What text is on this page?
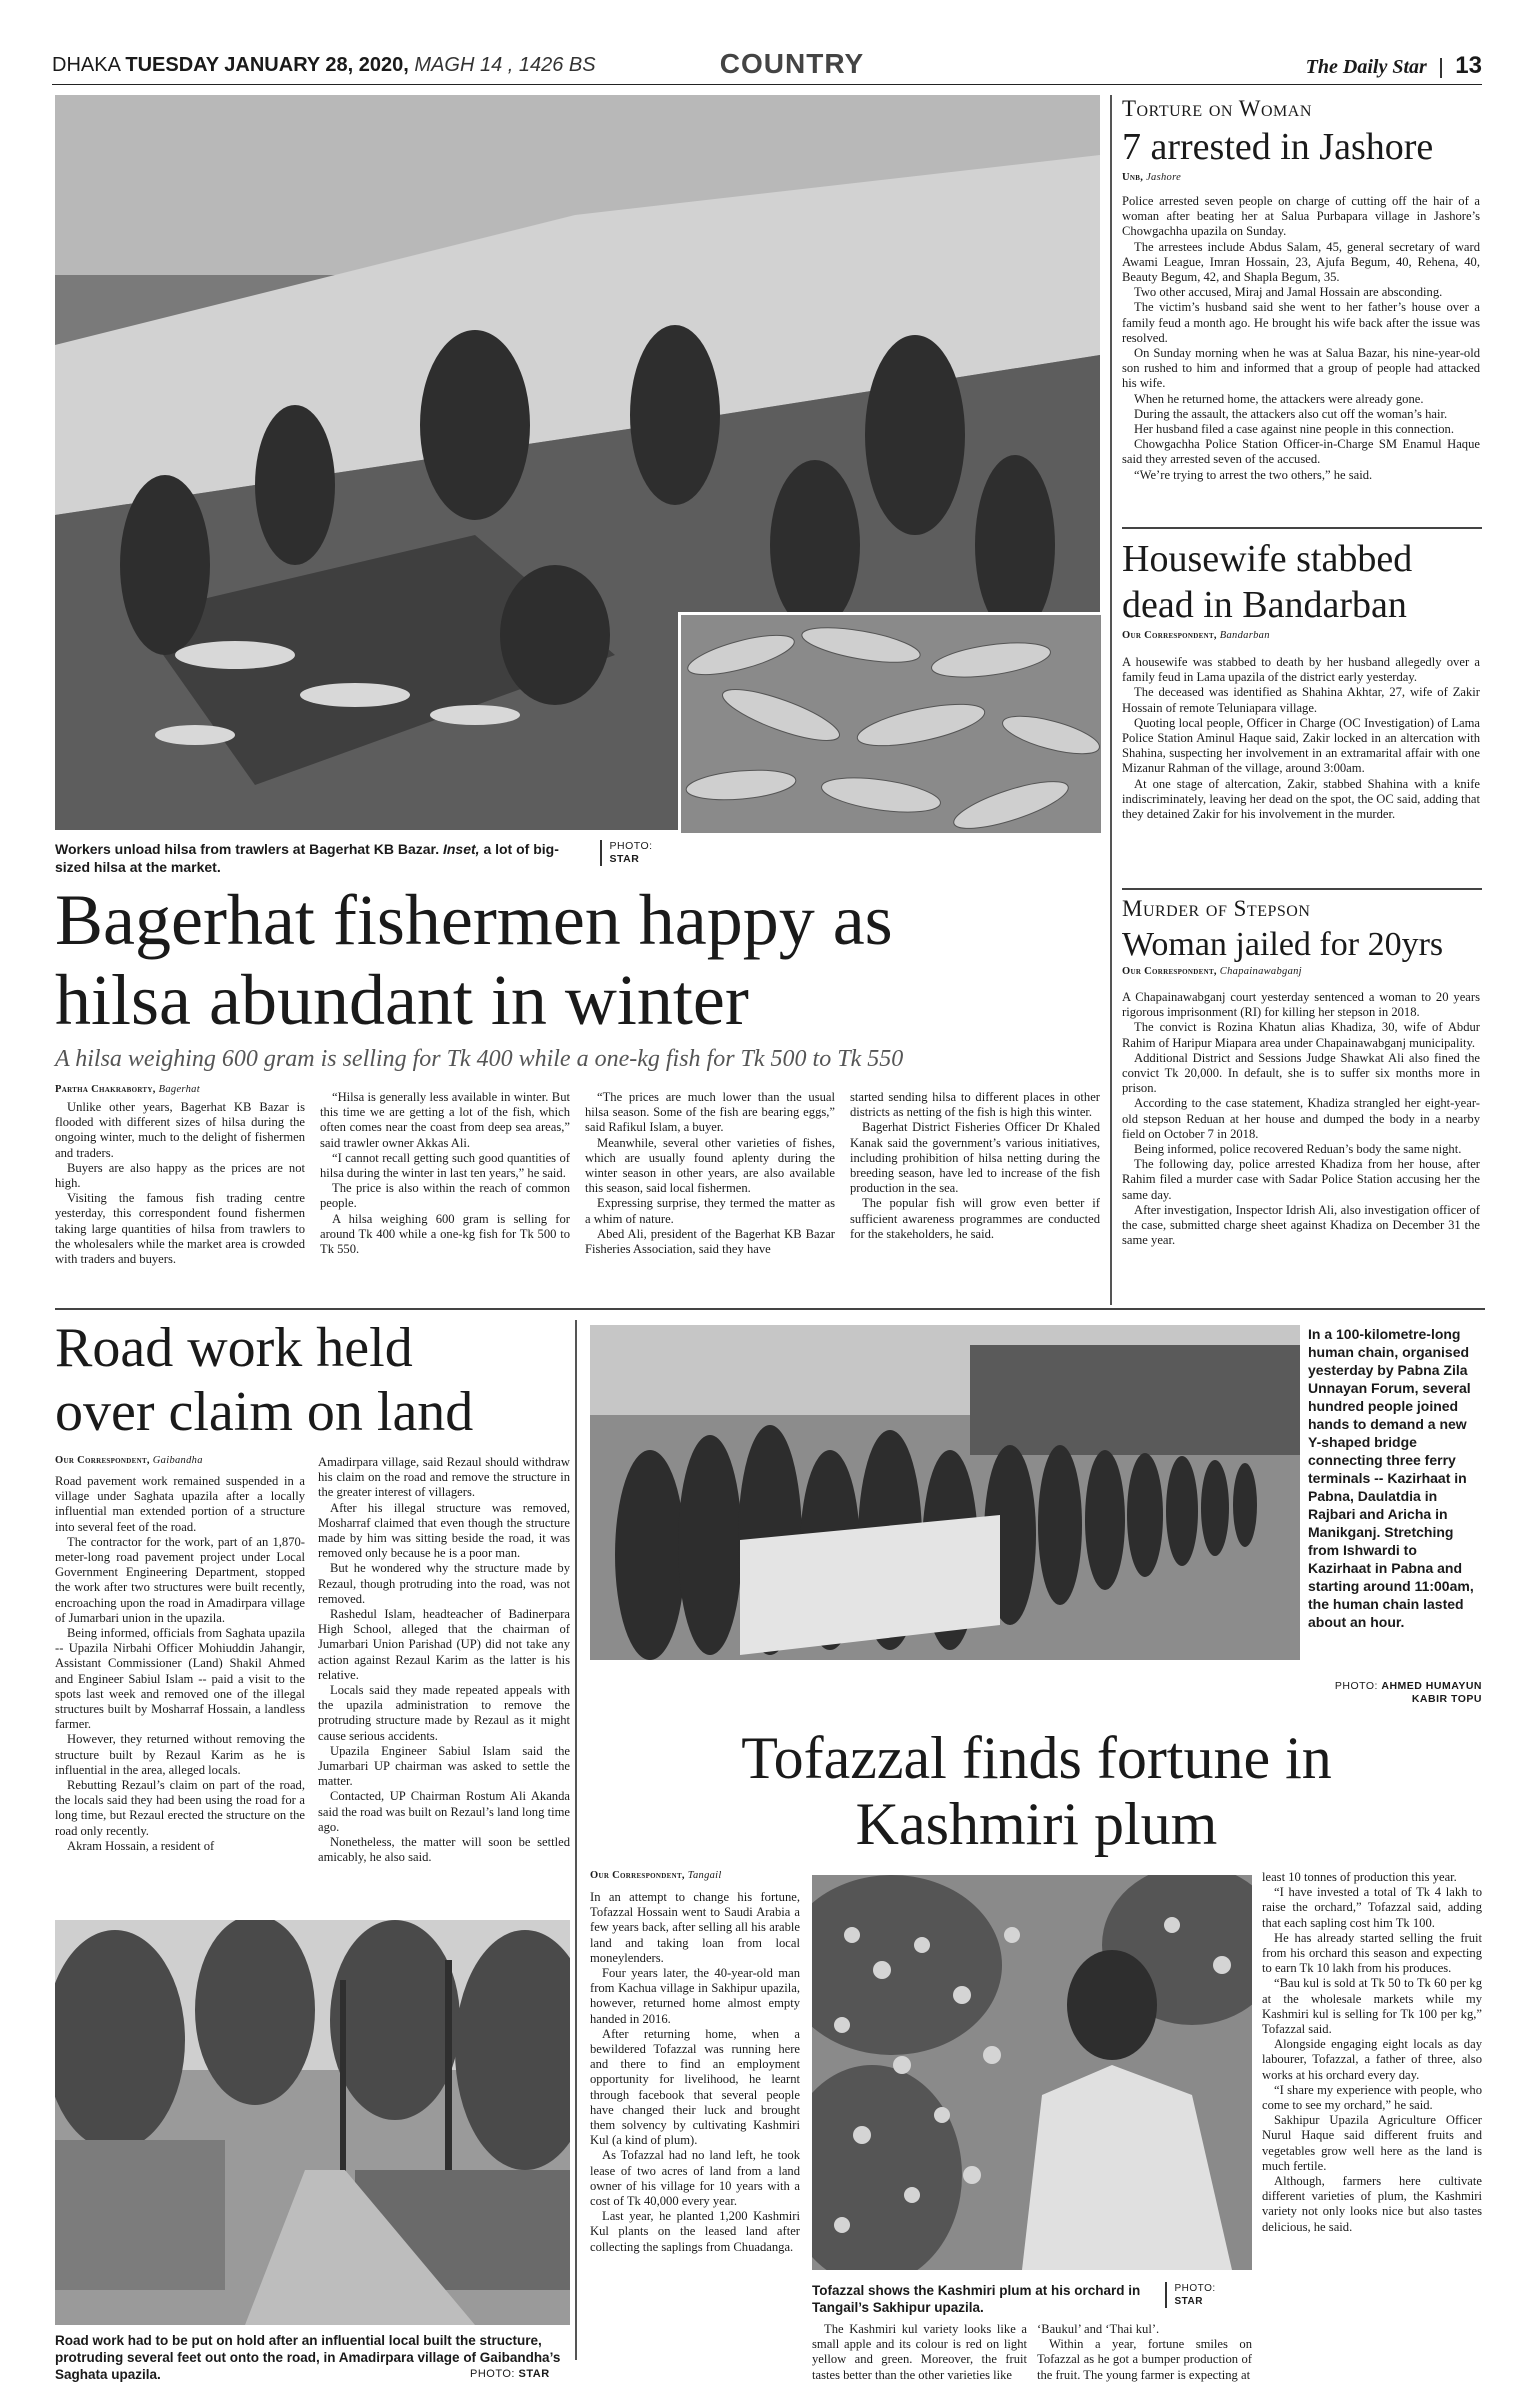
DHAKA TUESDAY JANUARY 28, 2020, MAGH 14 , 1426 BS	COUNTRY	The Daily Star 13
Workers unload hilsa from trawlers at Bagerhat KB Bazar. Inset, a lot of big-sized hilsa at the market.
PHOTO:
STAR
Bagerhat fishermen happy as
hilsa abundant in winter
A hilsa weighing 600 gram is selling for Tk 400 while a one-kg fish for Tk 500 to Tk 550
Partha Chakraborty, Bagerhat

Unlike other years, Bagerhat KB Bazar is flooded with different sizes of hilsa during the ongoing winter, much to the delight of fishermen and traders.

Buyers are also happy as the prices are not high.

Visiting the famous fish trading centre yesterday, this correspondent found fishermen taking large quantities of hilsa from trawlers to the wholesalers while the market area is crowded with traders and buyers.

“Hilsa is generally less available in winter. But this time we are getting a lot of the fish, which often comes near the coast from deep sea areas,” said trawler owner Akkas Ali.

“I cannot recall getting such good quantities of hilsa during the winter in last ten years,” he said.

The price is also within the reach of common people.

A hilsa weighing 600 gram is selling for around Tk 400 while a one-kg fish for Tk 500 to Tk 550.

“The prices are much lower than the usual hilsa season. Some of the fish are bearing eggs,” said Rafikul Islam, a buyer.

Meanwhile, several other varieties of fishes, which are usually found aplenty during the winter season in other years, are also available this season, said local fishermen.

Expressing surprise, they termed the matter as a whim of nature.

Abed Ali, president of the Bagerhat KB Bazar Fisheries Association, said they have

started sending hilsa to different places in other districts as netting of the fish is high this winter.

Bagerhat District Fisheries Officer Dr Khaled Kanak said the government’s various initiatives, including prohibition of hilsa netting during the breeding season, have led to increase of the fish production in the sea.

The popular fish will grow even better if sufficient awareness programmes are conducted for the stakeholders, he said.

Torture on Woman
7 arrested in Jashore
Unb, Jashore

Police arrested seven people on charge of cutting off the hair of a woman after beating her at Salua Purbapara village in Jashore’s Chowgachha upazila on Sunday.

The arrestees include Abdus Salam, 45, general secretary of ward Awami League, Imran Hossain, 23, Ajufa Begum, 40, Rehena, 40, Beauty Begum, 42, and Shapla Begum, 35.

Two other accused, Miraj and Jamal Hossain are absconding.

The victim’s husband said she went to her father’s house over a family feud a month ago. He brought his wife back after the issue was resolved.

On Sunday morning when he was at Salua Bazar, his nine-year-old son rushed to him and informed that a group of people had attacked his wife.

When he returned home, the attackers were already gone.

During the assault, the attackers also cut off the woman’s hair.

Her husband filed a case against nine people in this connection.

Chowgachha Police Station Officer-in-Charge SM Enamul Haque said they arrested seven of the accused.

“We’re trying to arrest the two others,” he said.

Housewife stabbed
dead in Bandarban
Our Correspondent, Bandarban

A housewife was stabbed to death by her husband allegedly over a family feud in Lama upazila of the district early yesterday.

The deceased was identified as Shahina Akhtar, 27, wife of Zakir Hossain of remote Teluniapara village.

Quoting local people, Officer in Charge (OC Investigation) of Lama Police Station Aminul Haque said, Zakir locked in an altercation with Shahina, suspecting her involvement in an extramarital affair with one Mizanur Rahman of the village, around 3:00am.

At one stage of altercation, Zakir, stabbed Shahina with a knife indiscriminately, leaving her dead on the spot, the OC said, adding that they detained Zakir for his involvement in the murder.

Murder of Stepson
Woman jailed for 20yrs
Our Correspondent, Chapainawabganj

A Chapainawabganj court yesterday sentenced a woman to 20 years rigorous imprisonment (RI) for killing her stepson in 2018.

The convict is Rozina Khatun alias Khadiza, 30, wife of Abdur Rahim of Haripur Miapara area under Chapainawabganj municipality.

Additional District and Sessions Judge Shawkat Ali also fined the convict Tk 20,000. In default, she is to suffer six months more in prison.

According to the case statement, Khadiza strangled her eight-year-old stepson Reduan at her house and dumped the body in a nearby field on October 7 in 2018.

Being informed, police recovered Reduan’s body the same night.

The following day, police arrested Khadiza from her house, after Rahim filed a murder case with Sadar Police Station accusing her the same day.

After investigation, Inspector Idrish Ali, also investigation officer of the case, submitted charge sheet against Khadiza on December 31 the same year.

Road work held
over claim on land
Our Correspondent, Gaibandha

Road pavement work remained suspended in a village under Saghata upazila after a locally influential man extended portion of a structure into several feet of the road.

The contractor for the work, part of an 1,870-meter-long road pavement project under Local Government Engineering Department, stopped the work after two structures were built recently, encroaching upon the road in Amadirpara village of Jumarbari union in the upazila.

Being informed, officials from Saghata upazila -- Upazila Nirbahi Officer Mohiuddin Jahangir, Assistant Commissioner (Land) Shakil Ahmed and Engineer Sabiul Islam -- paid a visit to the spots last week and removed one of the illegal structures built by Mosharraf Hossain, a landless farmer.

However, they returned without removing the structure built by Rezaul Karim as he is influential in the area, alleged locals.

Rebutting Rezaul’s claim on part of the road, the locals said they had been using the road for a long time, but Rezaul erected the structure on the road only recently.

Akram Hossain, a resident of

Amadirpara village, said Rezaul should withdraw his claim on the road and remove the structure in the greater interest of villagers.

After his illegal structure was removed, Mosharraf claimed that even though the structure made by him was sitting beside the road, it was removed only because he is a poor man.

But he wondered why the structure made by Rezaul, though protruding into the road, was not removed.

Rashedul Islam, headteacher of Badinerpara High School, alleged that the chairman of Jumarbari Union Parishad (UP) did not take any action against Rezaul Karim as the latter is his relative.

Locals said they made repeated appeals with the upazila administration to remove the protruding structure made by Rezaul as it might cause serious accidents.

Upazila Engineer Sabiul Islam said the Jumarbari UP chairman was asked to settle the matter.

Contacted, UP Chairman Rostum Ali Akanda said the road was built on Rezaul’s land long time ago.

Nonetheless, the matter will soon be settled amicably, he also said.

Road work had to be put on hold after an influential local built the structure, protruding several feet out onto the road, in Amadirpara village of Gaibandha’s Saghata upazila.	PHOTO: STAR
In a 100-kilometre-long human chain, organised yesterday by Pabna Zila Unnayan Forum, several hundred people joined hands to demand a new Y-shaped bridge connecting three ferry terminals -- Kazirhaat in Pabna, Daulatdia in Rajbari and Aricha in Manikganj. Stretching from Ishwardi to Kazirhaat in Pabna and starting around 11:00am, the human chain lasted about an hour.
PHOTO: AHMED HUMAYUN
KABIR TOPU
Tofazzal finds fortune in
Kashmiri plum
Our Correspondent, Tangail

In an attempt to change his fortune, Tofazzal Hossain went to Saudi Arabia a few years back, after selling all his arable land and taking loan from local moneylenders.

Four years later, the 40-year-old man from Kachua village in Sakhipur upazila, however, returned home almost empty handed in 2016.

After returning home, when a bewildered Tofazzal was running here and there to find an employment opportunity for livelihood, he learnt through facebook that several people have changed their luck and brought them solvency by cultivating Kashmiri Kul (a kind of plum).

As Tofazzal had no land left, he took lease of two acres of land from a land owner of his village for 10 years with a cost of Tk 40,000 every year.

Last year, he planted 1,200 Kashmiri Kul plants on the leased land after collecting the saplings from Chuadanga.

Tofazzal shows the Kashmiri plum at his orchard in Tangail’s Sakhipur upazila.
PHOTO:
STAR

The Kashmiri kul variety looks like a small apple and its colour is red on light yellow and green. Moreover, the fruit tastes better than the other varieties like

‘Baukul’ and ‘Thai kul’.

Within a year, fortune smiles on Tofazzal as he got a bumper production of the fruit. The young farmer is expecting at

least 10 tonnes of production this year.

“I have invested a total of Tk 4 lakh to raise the orchard,” Tofazzal said, adding that each sapling cost him Tk 100.

He has already started selling the fruit from his orchard this season and expecting to earn Tk 10 lakh from his produces.

“Bau kul is sold at Tk 50 to Tk 60 per kg at the wholesale markets while my Kashmiri kul is selling for Tk 100 per kg,” Tofazzal said.

Alongside engaging eight locals as day labourer, Tofazzal, a father of three, also works at his orchard every day.

“I share my experience with people, who come to see my orchard,” he said.

Sakhipur Upazila Agriculture Officer Nurul Haque said different fruits and vegetables grow well here as the land is much fertile.

Although, farmers here cultivate different varieties of plum, the Kashmiri variety not only looks nice but also tastes delicious, he said.
